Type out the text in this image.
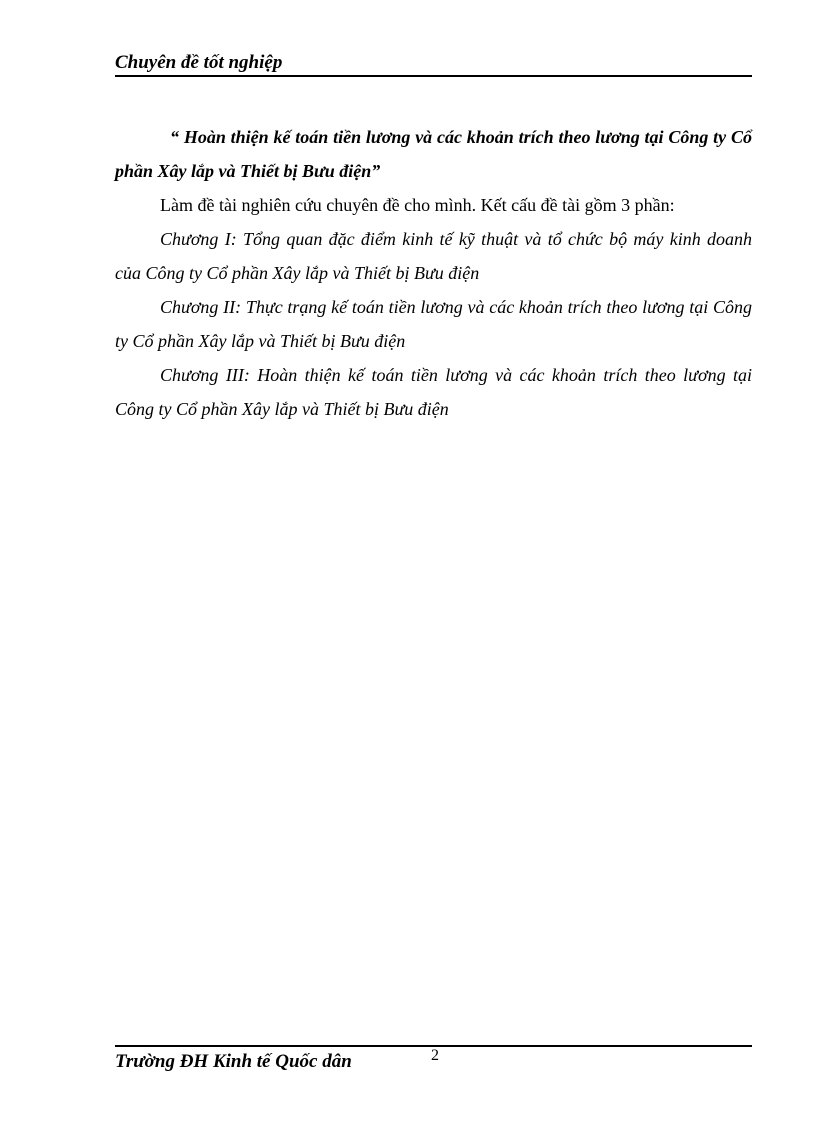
Chuyên đề tốt nghiệp

“ Hoàn thiện kế toán tiền lương và các khoản trích theo lương tại Công ty Cổ phần Xây lắp và Thiết bị Bưu điện”

Làm đề tài nghiên cứu chuyên đề cho mình. Kết cấu đề tài gồm 3 phần:

Chương I: Tổng quan đặc điểm kinh tế kỹ thuật và tổ chức bộ máy kinh doanh của Công ty Cổ phần Xây lắp và Thiết bị Bưu điện

Chương II: Thực trạng kế toán tiền lương và các khoản trích theo lương tại Công ty Cổ phần Xây lắp và Thiết bị Bưu điện

Chương III: Hoàn thiện kế toán tiền lương và các khoản trích theo lương tại Công ty Cổ phần Xây lắp và Thiết bị Bưu điện

Trường ĐH Kinh tế Quốc dân	2
